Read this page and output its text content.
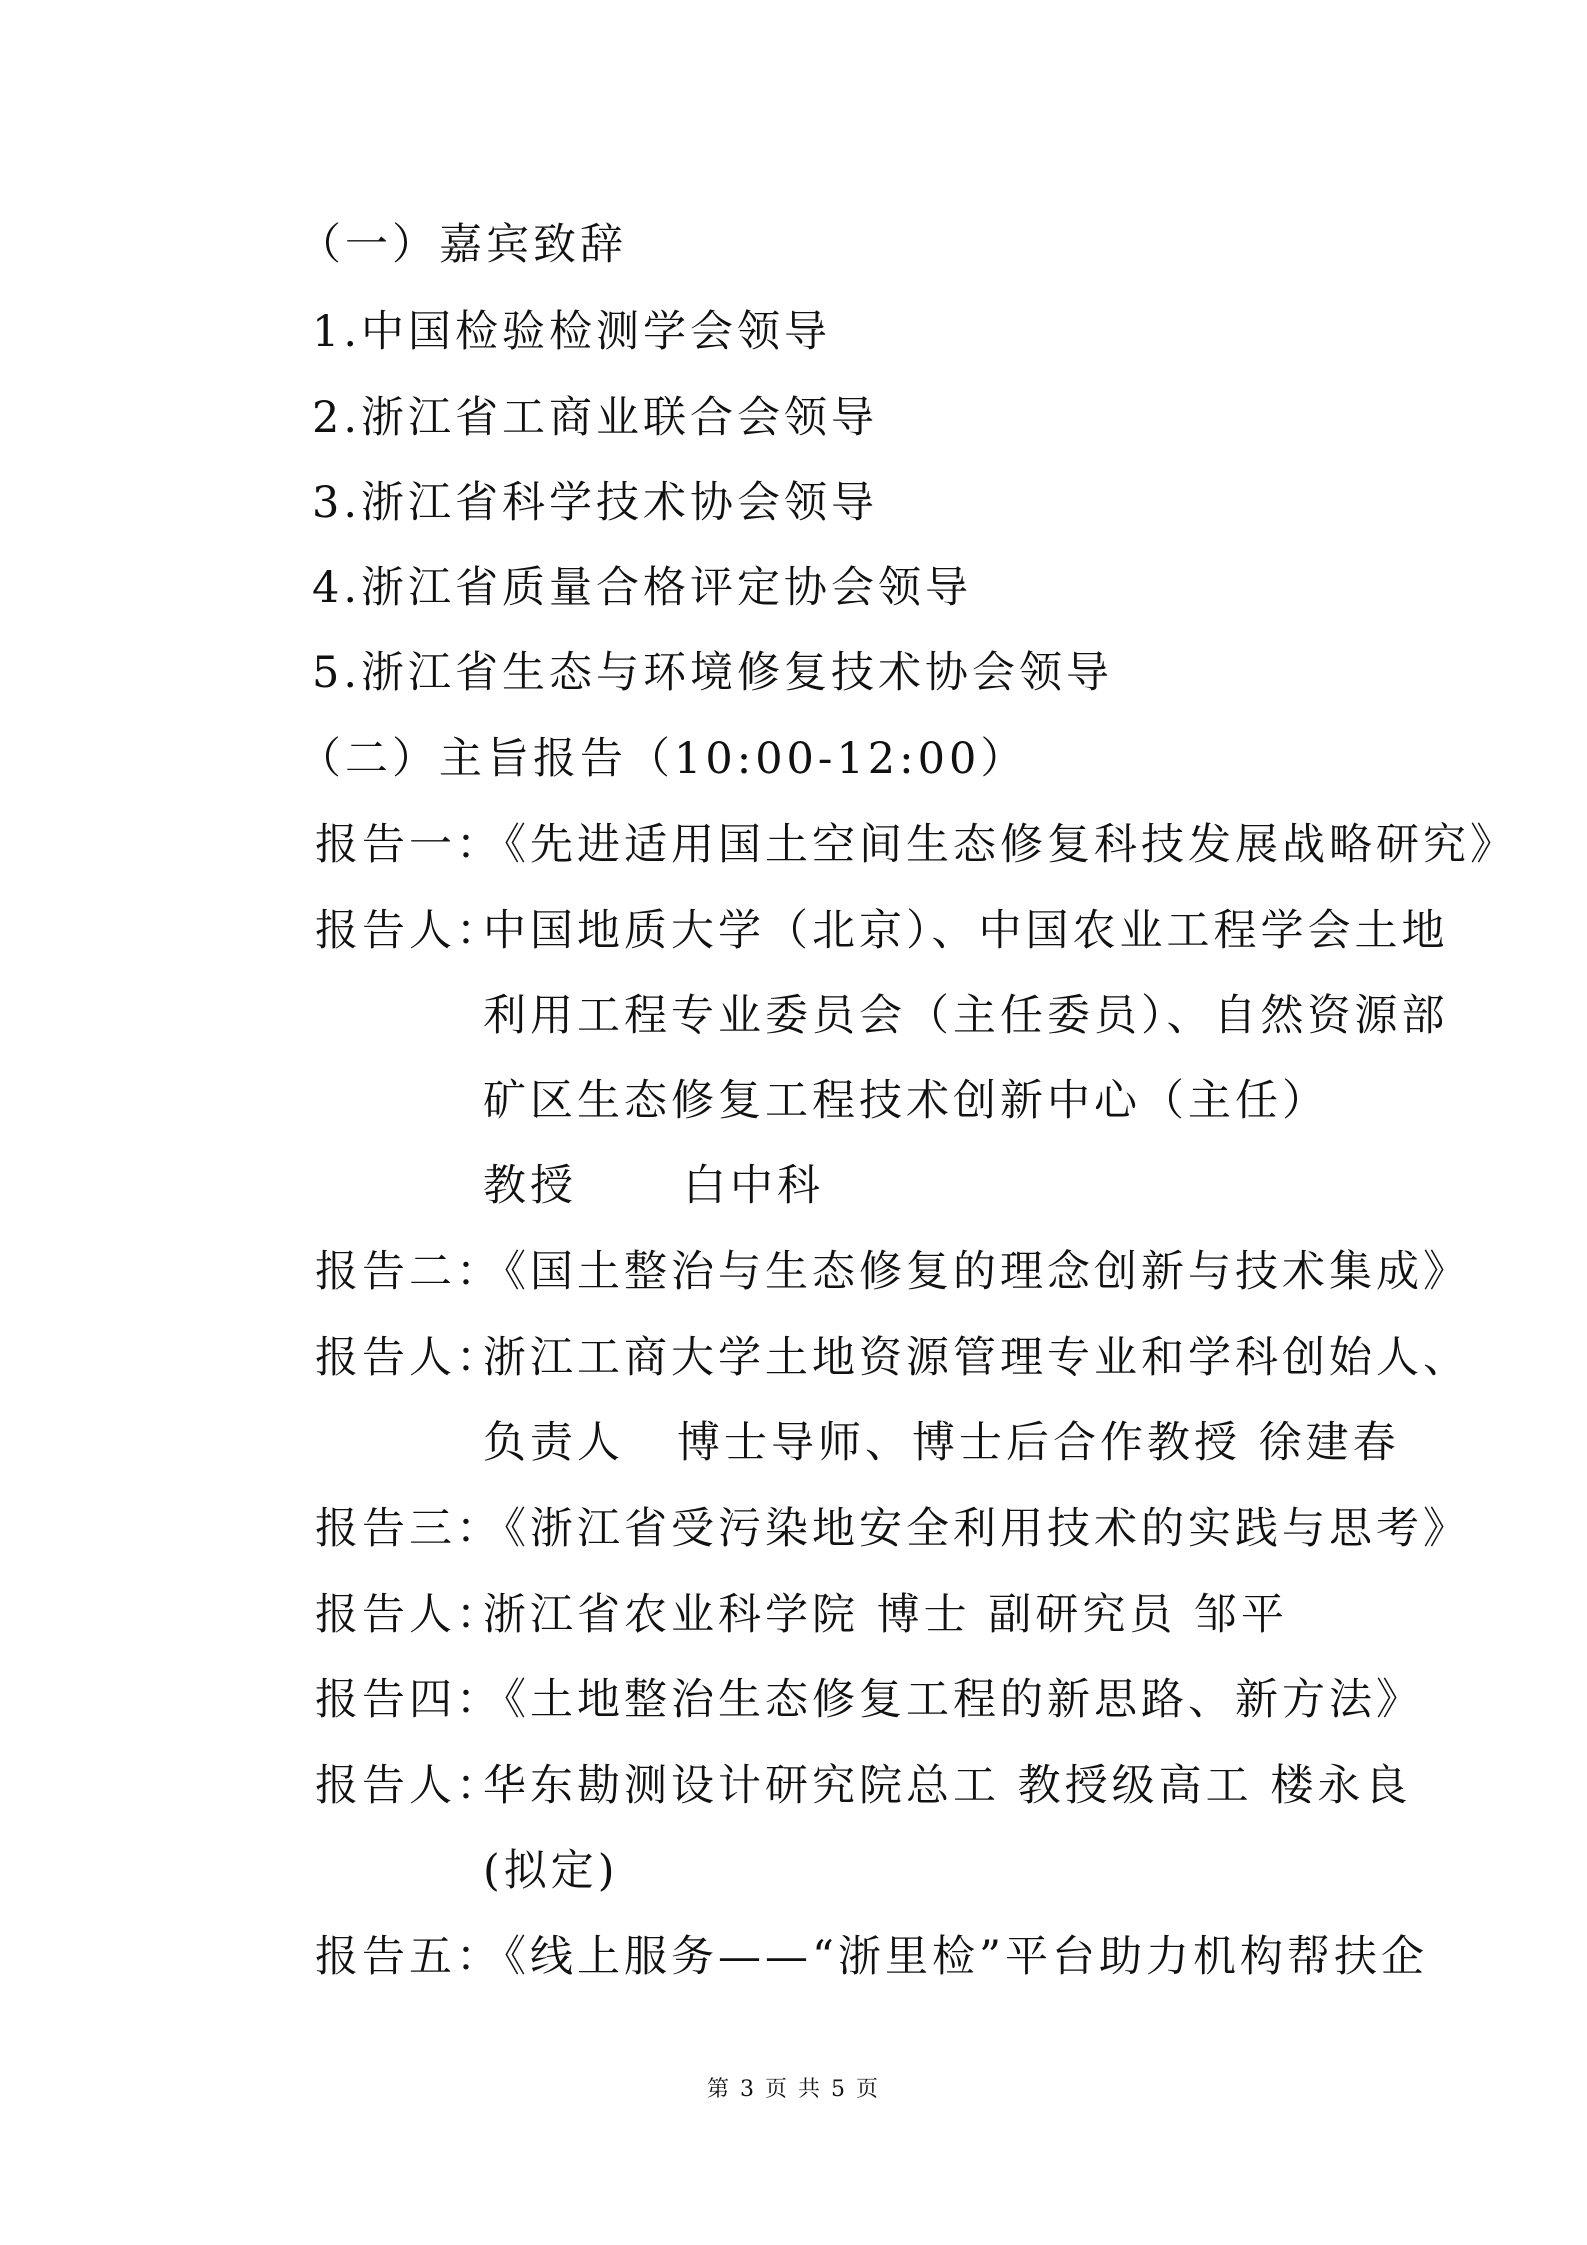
（一）嘉宾致辞
1.中国检验检测学会领导
2.浙江省工商业联合会领导
3.浙江省科学技术协会领导
4.浙江省质量合格评定协会领导
5.浙江省生态与环境修复技术协会领导
（二）主旨报告（10:00-12:00）
报告一：
《先进适用国土空间生态修复科技发展战略研究》
报告人：
中国地质大学（北京）、中国农业工程学会土地
利用工程专业委员会（主任委员）、自然资源部
矿区生态修复工程技术创新中心（主任）
教授      白中科
报告二：
《国土整治与生态修复的理念创新与技术集成》
报告人：
浙江工商大学土地资源管理专业和学科创始人、
负责人   博士导师、博士后合作教授 徐建春
报告三：
《浙江省受污染地安全利用技术的实践与思考》
报告人：
浙江省农业科学院 博士 副研究员 邹平
报告四：
《土地整治生态修复工程的新思路、新方法》
报告人：
华东勘测设计研究院总工 教授级高工 楼永良
(拟定)
报告五：
《线上服务——“浙里检”平台助力机构帮扶企
第 3 页 共 5 页
